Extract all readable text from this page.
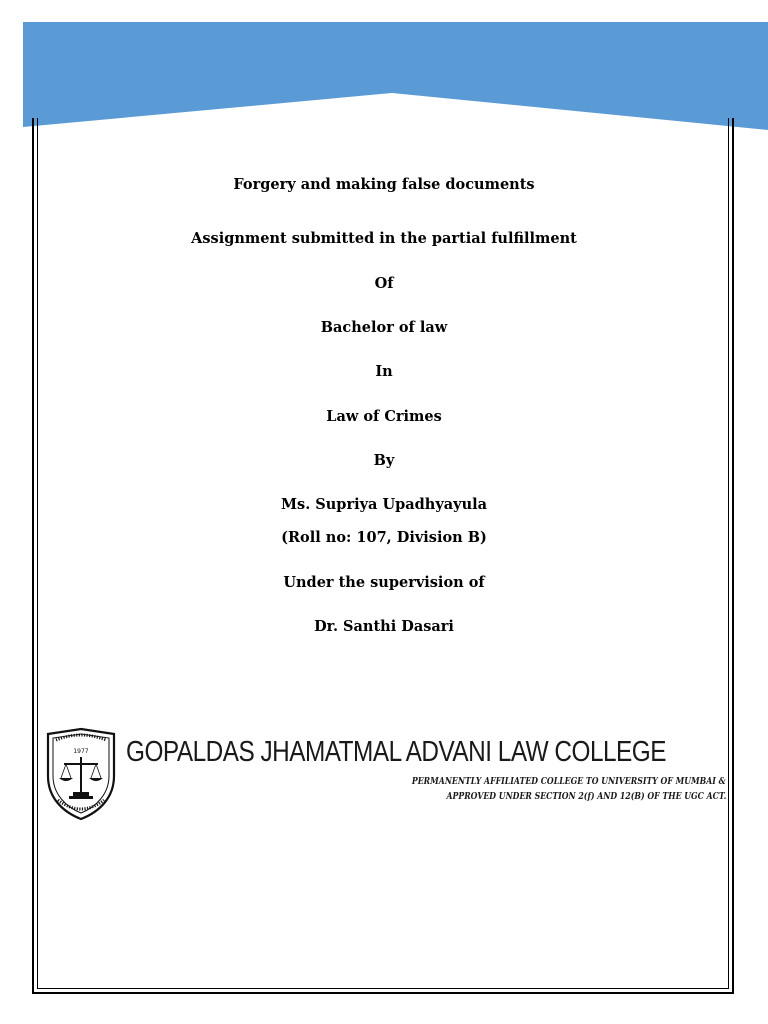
Forgery and making false documents
Assignment submitted in the partial fulfillment
Of
Bachelor of law
In
Law of Crimes
By
Ms. Supriya Upadhyayula
(Roll no: 107, Division B)
Under the supervision of
Dr. Santhi Dasari
1977 GOPALDAS JHAMATMAL ADVANI LAW COLLEGE
PERMANENTLY AFFILIATED COLLEGE TO UNIVERSITY OF MUMBAI &
APPROVED UNDER SECTION 2(f) AND 12(B) OF THE UGC ACT.
